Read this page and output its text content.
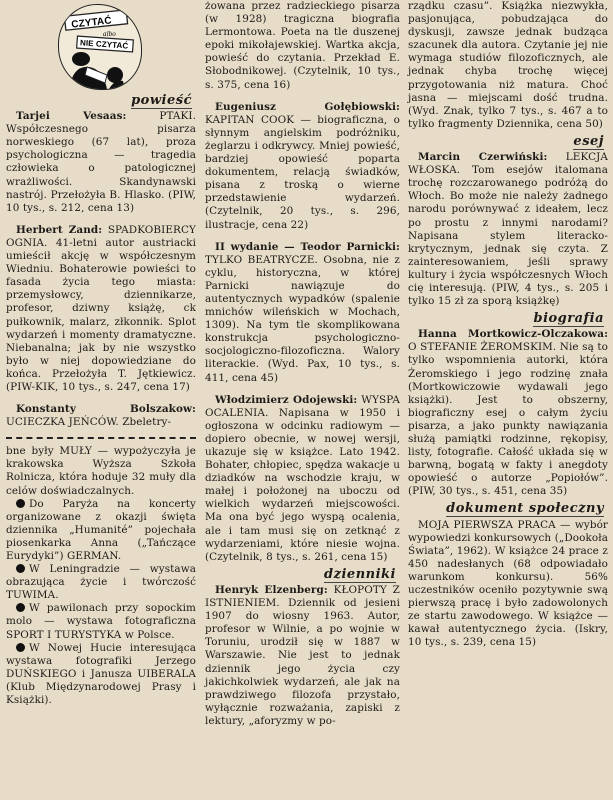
CZYTAĆ
albo
NIE CZYTAĆ
powieść

Tarjei Vesaas: PTAKI. Współczesnego pisarza norweskiego (67 lat), proza psychologiczna — tragedia człowieka o patologicznej wrażliwości. Skandynawski nastrój. Przełożyła B. Hlasko. (PIW, 10 tys., s. 212, cena 13)

Herbert Zand: SPADKOBIERCY OGNIA. 41-letni autor austriacki umieścił akcję w współczesnym Wiedniu. Bohaterowie powieści to fasada życia tego miasta: przemysłowcy, dziennikarze, profesor, dziwny książę, ck pułkownik, malarz, złkonnik. Splot wydarzeń i momenty dramatyczne. Niebanalna; jak by nie wszystko było w niej dopowiedziane do końca. Przełożyła T. Jętkiewicz. (PIW-KIK, 10 tys., s. 247, cena 17)

Konstanty Bolszakow: UCIECZKA JEŃCÓW. Zbeletry-

bne były MUŁY — wypożyczyła je krakowska Wyższa Szkoła Rolnicza, która hoduje 32 muły dla celów doświadczalnych.

Do Paryża na koncerty organizowane z okazji święta dziennika „Humanité” pojechała piosenkarka Anna („Tańczące Eurydyki”) GERMAN.

W Leningradzie — wystawa obrazująca życie i twórczość TUWIMA.

W pawilonach przy sopockim molo — wystawa fotograficzna SPORT I TURYSTYKA w Polsce.

W Nowej Hucie interesująca wystawa fotografiki Jerzego DUŃSKIEGO i Janusza UIBERALA (Klub Międzynarodowej Prasy i Książki).

żowana przez radzieckiego pisarza (w 1928) tragiczna biografia Lermontowa. Poeta na tle duszenej epoki mikołajewskiej. Wartka akcja, powieść do czytania. Przekład E. Słobodnikowej. (Czytelnik, 10 tys., s. 375, cena 16)

Eugeniusz Gołębiowski: KAPITAN COOK — biograficzna, o słynnym angielskim podróżniku, żeglarzu i odkrywcy. Mniej powieść, bardziej opowieść poparta dokumentem, relacją świadków, pisana z troską o wierne przedstawienie wydarzeń. (Czytelnik, 20 tys., s. 296, ilustracje, cena 22)

II wydanie — Teodor Parnicki: TYLKO BEATRYCZE. Osobna, nie z cyklu, historyczna, w której Parnicki nawiązuje do autentycznych wypadków (spalenie mnichów wileńskich w Mochach, 1309). Na tym tle skomplikowana konstrukcja psychologiczno-socjologiczno-filozoficzna. Walory literackie. (Wyd. Pax, 10 tys., s. 411, cena 45)

Włodzimierz Odojewski: WYSPA OCALENIA. Napisana w 1950 i ogłoszona w odcinku radiowym — dopiero obecnie, w nowej wersji, ukazuje się w książce. Lato 1942. Bohater, chłopiec, spędza wakacje u dziadków na wschodzie kraju, w małej i położonej na uboczu od wielkich wydarzeń miejscowości. Ma ona być jego wyspą ocalenia, ale i tam musi się on zetknąć z wydarzeniami, które niesie wojna. (Czytelnik, 8 tys., s. 261, cena 15)

dzienniki

Henryk Elzenberg: KŁOPOTY Z ISTNIENIEM. Dziennik od jesieni 1907 do wiosny 1963. Autor, profesor w Wilnie, a po wojnie w Toruniu, urodził się w 1887 w Warszawie. Nie jest to jednak dziennik jego życia czy jakichkolwiek wydarzeń, ale jak na prawdziwego filozofa przystało, wyłącznie rozważania, zapiski z lektury, „aforyzmy w po-

rządku czasu”. Książka niezwykła, pasjonująca, pobudzająca do dyskusji, zawsze jednak budząca szacunek dla autora. Czytanie jej nie wymaga studiów filozoficznych, ale jednak chyba trochę więcej przygotowania niż maturа. Choć jasna — miejscami dość trudna. (Wyd. Znak, tylko 7 tys., s. 467 a to tylko fragmenty Dziennika, cena 50)

esej

Marcin Czerwiński: LEKCJA WŁOSKA. Tom esejów italomana trochę rozczarowanego podróżą do Włoch. Bo może nie należy żadnego narodu porównywać z ideałem, lecz po prostu z innymi narodami? Napisana stylem literacko-krytycznym, jednak się czyta. Z zainteresowaniem, jeśli sprawy kultury i życia współczesnych Włoch cię interesują. (PIW, 4 tys., s. 205 i tylko 15 zł za sporą książkę)

biografia

Hanna Mortkowicz-Olczakowa: O STEFANIE ŻEROMSKIM. Nie są to tylko wspomnienia autorki, która Żeromskiego i jego rodzinę znała (Mortkowiczowie wydawali jego książki). Jest to obszerny, biograficzny esej o całym życiu pisarza, a jako punkty nawiązania służą pamiątki rodzinne, rękopisy, listy, fotografie. Całość układa się w barwną, bogatą w fakty i anegdoty opowieść o autorze „Popiołów”. (PIW, 30 tys., s. 451, cena 35)

dokument społeczny

MOJA PIERWSZA PRACA — wybór wypowiedzi konkursowych („Dookoła Świata”, 1962). W książce 24 prace z 450 nadesłanych (68 odpowiadało warunkom konkursu). 56% uczestników oceniło pozytywnie swą pierwszą pracę i było zadowolonych ze startu zawodowego. W książce — kawał autentycznego życia. (Iskry, 10 tys., s. 239, cena 15)
